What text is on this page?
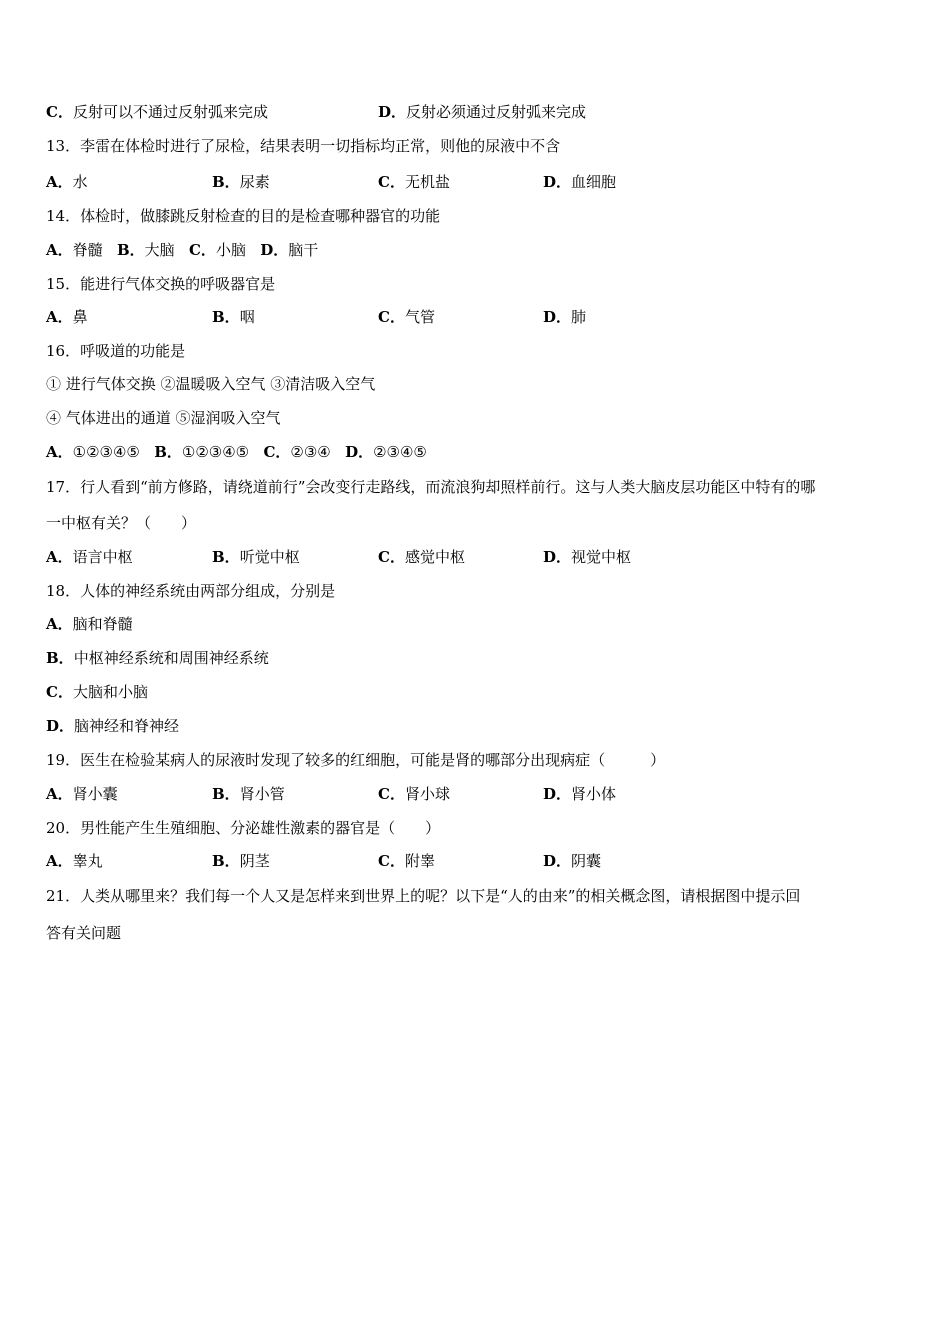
C．反射可以不通过反射弧来完成	D．反射必须通过反射弧来完成
13．李雷在体检时进行了尿检，结果表明一切指标均正常，则他的尿液中不含
A．水	B．尿素	C．无机盐	D．血细胞
14．体检时，做膝跳反射检查的目的是检查哪种器官的功能
A．脊髓 B．大脑 C．小脑 D．脑干
15．能进行气体交换的呼吸器官是
A．鼻	B．咽	C．气管	D．肺
16．呼吸道的功能是
① 进行气体交换 ②温暖吸入空气 ③清洁吸入空气
④ 气体进出的通道 ⑤湿润吸入空气
A．①②③④⑤ B．①②③④⑤ C．②③④ D．②③④⑤
17．行人看到“前方修路，请绕道前行”会改变行走路线，而流浪狗却照样前行。这与人类大脑皮层功能区中特有的哪
一中枢有关？（　　）
A．语言中枢	B．听觉中枢	C．感觉中枢	D．视觉中枢
18．人体的神经系统由两部分组成，分别是
A．脑和脊髓
B．中枢神经系统和周围神经系统
C．大脑和小脑
D．脑神经和脊神经
19．医生在检验某病人的尿液时发现了较多的红细胞，可能是肾的哪部分出现病症（　　　）
A．肾小囊	B．肾小管	C．肾小球	D．肾小体
20．男性能产生生殖细胞、分泌雄性激素的器官是（　　）
A．睾丸	B．阴茎	C．附睾	D．阴囊
21．人类从哪里来？我们每一个人又是怎样来到世界上的呢？以下是“人的由来”的相关概念图，请根据图中提示回
答有关问题
